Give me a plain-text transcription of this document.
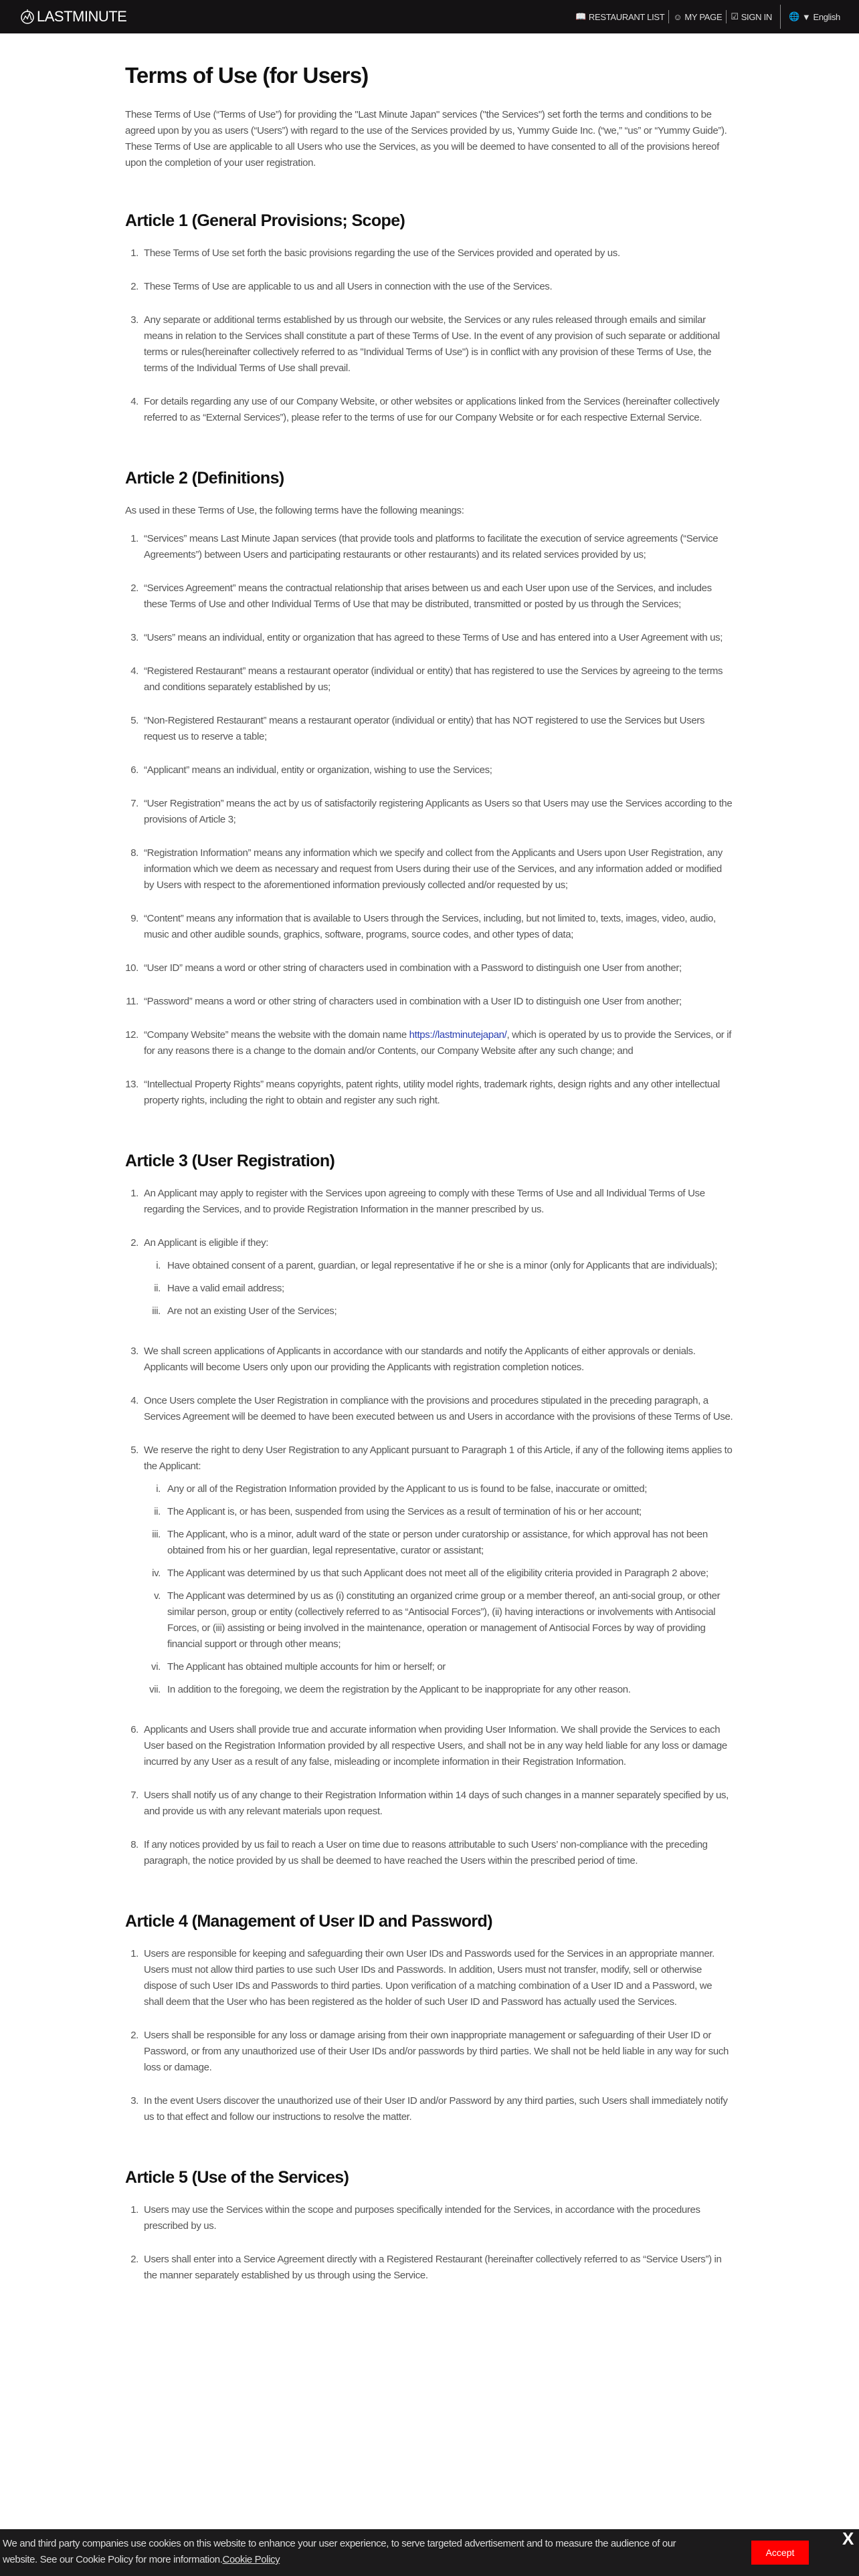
LASTMINUTE	📖 RESTAURANT LIST ☺ MY PAGE ☑ SIGN IN 🌐 ▼ English
Terms of Use (for Users)

These Terms of Use (“Terms of Use”) for providing the "Last Minute Japan" services ("the Services") set forth the terms and conditions to be agreed upon by you as users (“Users”) with regard to the use of the Services provided by us, Yummy Guide Inc. (“we,” “us” or “Yummy Guide”). These Terms of Use are applicable to all Users who use the Services, as you will be deemed to have consented to all of the provisions hereof upon the completion of your user registration.

Article 1 (General Provisions; Scope)
1. These Terms of Use set forth the basic provisions regarding the use of the Services provided and operated by us.
2. These Terms of Use are applicable to us and all Users in connection with the use of the Services.
3. Any separate or additional terms established by us through our website, the Services or any rules released through emails and similar means in relation to the Services shall constitute a part of these Terms of Use. In the event of any provision of such separate or additional terms or rules(hereinafter collectively referred to as "Individual Terms of Use") is in conflict with any provision of these Terms of Use, the terms of the Individual Terms of Use shall prevail.
4. For details regarding any use of our Company Website, or other websites or applications linked from the Services (hereinafter collectively referred to as “External Services”), please refer to the terms of use for our Company Website or for each respective External Service.
Article 2 (Definitions)

As used in these Terms of Use, the following terms have the following meanings:

1. “Services” means Last Minute Japan services (that provide tools and platforms to facilitate the execution of service agreements (“Service Agreements”) between Users and participating restaurants or other restaurants) and its related services provided by us;
2. “Services Agreement” means the contractual relationship that arises between us and each User upon use of the Services, and includes these Terms of Use and other Individual Terms of Use that may be distributed, transmitted or posted by us through the Services;
3. “Users” means an individual, entity or organization that has agreed to these Terms of Use and has entered into a User Agreement with us;
4. “Registered Restaurant” means a restaurant operator (individual or entity) that has registered to use the Services by agreeing to the terms and conditions separately established by us;
5. “Non-Registered Restaurant” means a restaurant operator (individual or entity) that has NOT registered to use the Services but Users request us to reserve a table;
6. “Applicant” means an individual, entity or organization, wishing to use the Services;
7. “User Registration” means the act by us of satisfactorily registering Applicants as Users so that Users may use the Services according to the provisions of Article 3;
8. “Registration Information” means any information which we specify and collect from the Applicants and Users upon User Registration, any information which we deem as necessary and request from Users during their use of the Services, and any information added or modified by Users with respect to the aforementioned information previously collected and/or requested by us;
9. “Content” means any information that is available to Users through the Services, including, but not limited to, texts, images, video, audio, music and other audible sounds, graphics, software, programs, source codes, and other types of data;
10. “User ID” means a word or other string of characters used in combination with a Password to distinguish one User from another;
11. “Password” means a word or other string of characters used in combination with a User ID to distinguish one User from another;
12. “Company Website” means the website with the domain name https://lastminutejapan/, which is operated by us to provide the Services, or if for any reasons there is a change to the domain and/or Contents, our Company Website after any such change; and
13. “Intellectual Property Rights” means copyrights, patent rights, utility model rights, trademark rights, design rights and any other intellectual property rights, including the right to obtain and register any such right.
Article 3 (User Registration)
1. An Applicant may apply to register with the Services upon agreeing to comply with these Terms of Use and all Individual Terms of Use regarding the Services, and to provide Registration Information in the manner prescribed by us.
2. An Applicant is eligible if they:
i. Have obtained consent of a parent, guardian, or legal representative if he or she is a minor (only for Applicants that are individuals);
ii. Have a valid email address;
iii. Are not an existing User of the Services;
3. We shall screen applications of Applicants in accordance with our standards and notify the Applicants of either approvals or denials. Applicants will become Users only upon our providing the Applicants with registration completion notices.
4. Once Users complete the User Registration in compliance with the provisions and procedures stipulated in the preceding paragraph, a Services Agreement will be deemed to have been executed between us and Users in accordance with the provisions of these Terms of Use.
5. We reserve the right to deny User Registration to any Applicant pursuant to Paragraph 1 of this Article, if any of the following items applies to the Applicant:
i. Any or all of the Registration Information provided by the Applicant to us is found to be false, inaccurate or omitted;
ii. The Applicant is, or has been, suspended from using the Services as a result of termination of his or her account;
iii. The Applicant, who is a minor, adult ward of the state or person under curatorship or assistance, for which approval has not been obtained from his or her guardian, legal representative, curator or assistant;
iv. The Applicant was determined by us that such Applicant does not meet all of the eligibility criteria provided in Paragraph 2 above;
v. The Applicant was determined by us as (i) constituting an organized crime group or a member thereof, an anti-social group, or other similar person, group or entity (collectively referred to as “Antisocial Forces”), (ii) having interactions or involvements with Antisocial Forces, or (iii) assisting or being involved in the maintenance, operation or management of Antisocial Forces by way of providing financial support or through other means;
vi. The Applicant has obtained multiple accounts for him or herself; or
vii. In addition to the foregoing, we deem the registration by the Applicant to be inappropriate for any other reason.
6. Applicants and Users shall provide true and accurate information when providing User Information. We shall provide the Services to each User based on the Registration Information provided by all respective Users, and shall not be in any way held liable for any loss or damage incurred by any User as a result of any false, misleading or incomplete information in their Registration Information.
7. Users shall notify us of any change to their Registration Information within 14 days of such changes in a manner separately specified by us, and provide us with any relevant materials upon request.
8. If any notices provided by us fail to reach a User on time due to reasons attributable to such Users’ non-compliance with the preceding paragraph, the notice provided by us shall be deemed to have reached the Users within the prescribed period of time.
Article 4 (Management of User ID and Password)
1. Users are responsible for keeping and safeguarding their own User IDs and Passwords used for the Services in an appropriate manner. Users must not allow third parties to use such User IDs and Passwords. In addition, Users must not transfer, modify, sell or otherwise dispose of such User IDs and Passwords to third parties. Upon verification of a matching combination of a User ID and a Password, we shall deem that the User who has been registered as the holder of such User ID and Password has actually used the Services.
2. Users shall be responsible for any loss or damage arising from their own inappropriate management or safeguarding of their User ID or Password, or from any unauthorized use of their User IDs and/or passwords by third parties. We shall not be held liable in any way for such loss or damage.
3. In the event Users discover the unauthorized use of their User ID and/or Password by any third parties, such Users shall immediately notify us to that effect and follow our instructions to resolve the matter.
Article 5 (Use of the Services)
1. Users may use the Services within the scope and purposes specifically intended for the Services, in accordance with the procedures prescribed by us.
2. Users shall enter into a Service Agreement directly with a Registered Restaurant (hereinafter collectively referred to as “Service Users”) in the manner separately established by us through using the Service.
We and third party companies use cookies on this website to enhance your user experience, to serve targeted advertisement and to measure the audience of our website. See our Cookie Policy for more information.Cookie Policy
Accept
X
